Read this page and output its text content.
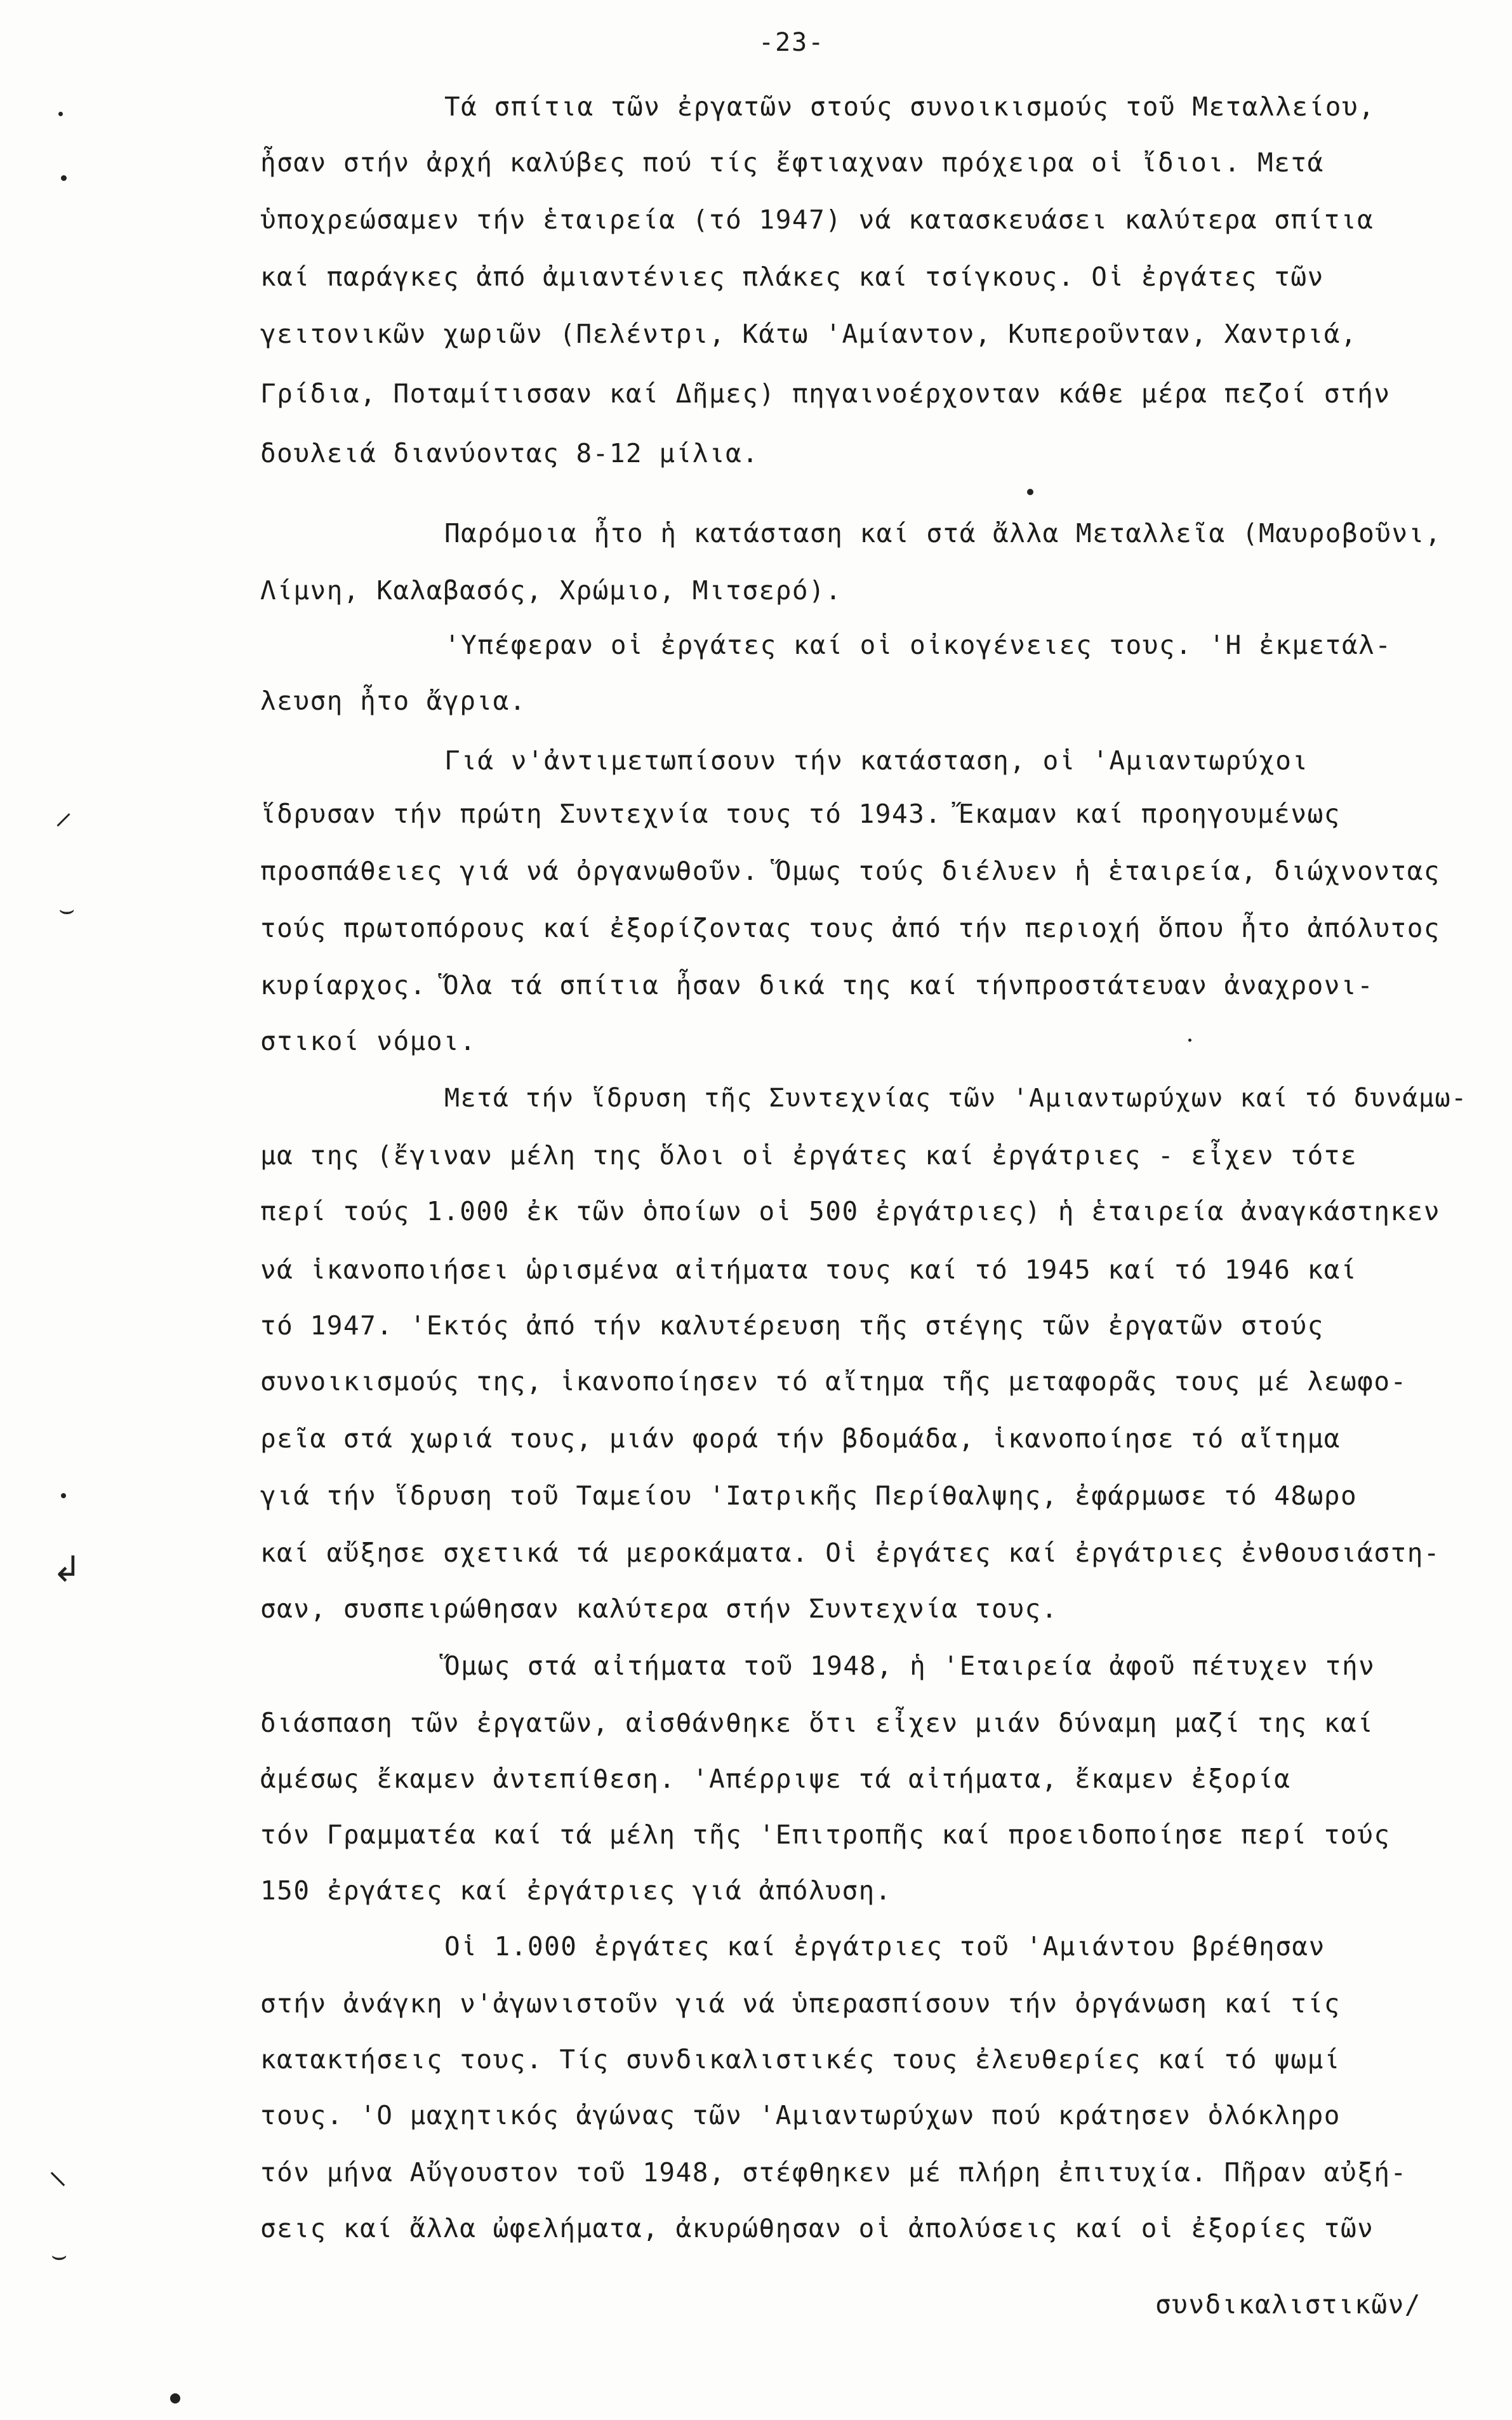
-23-
Τά σπίτια τῶν ἐργατῶν στούς συνοικισμούς τοῦ Μεταλλείου,
ἦσαν στήν ἀρχή καλύβες πού τίς ἔφτιαχναν πρόχειρα οἱ ἴδιοι. Μετά
ὑποχρεώσαμεν τήν ἑταιρεία (τό 1947) νά κατασκευάσει καλύτερα σπίτια
καί παράγκες ἀπό ἀμιαντένιες πλάκες καί τσίγκους. Οἱ ἐργάτες τῶν
γειτονικῶν χωριῶν (Πελέντρι, Κάτω 'Αμίαντον, Κυπεροῦνταν, Χαντριά,
Γρίδια, Ποταμίτισσαν καί Δῆμες) πηγαινοέρχονταν κάθε μέρα πεζοί στήν
δουλειά διανύοντας 8-12 μίλια.
Παρόμοια ἦτο ἡ κατάσταση καί στά ἄλλα Μεταλλεῖα (Μαυροβοῦνι,
Λίμνη, Καλαβασός, Χρώμιο, Μιτσερό).
'Υπέφεραν οἱ ἐργάτες καί οἱ οἰκογένειες τους. 'Η ἐκμετάλ-
λευση ἦτο ἄγρια.
Γιά ν'ἀντιμετωπίσουν τήν κατάσταση, οἱ 'Αμιαντωρύχοι
ἵδρυσαν τήν πρώτη Συντεχνία τους τό 1943. Ἔκαμαν καί προηγουμένως
προσπάθειες γιά νά ὀργανωθοῦν. Ὅμως τούς διέλυεν ἡ ἑταιρεία, διώχνοντας
τούς πρωτοπόρους καί ἐξορίζοντας τους ἀπό τήν περιοχή ὅπου ἦτο ἀπόλυτος
κυρίαρχος. Ὅλα τά σπίτια ἦσαν δικά της καί τήνπροστάτευαν ἀναχρονι-
στικοί νόμοι.
Μετά τήν ἵδρυση τῆς Συντεχνίας τῶν 'Αμιαντωρύχων καί τό δυνάμω-
μα της (ἔγιναν μέλη της ὅλοι οἱ ἐργάτες καί ἐργάτριες - εἶχεν τότε
περί τούς 1.000 ἐκ τῶν ὁποίων οἱ 500 ἐργάτριες) ἡ ἑταιρεία ἀναγκάστηκεν
νά ἱκανοποιήσει ὡρισμένα αἰτήματα τους καί τό 1945 καί τό 1946 καί
τό 1947. 'Εκτός ἀπό τήν καλυτέρευση τῆς στέγης τῶν ἐργατῶν στούς
συνοικισμούς της, ἱκανοποίησεν τό αἴτημα τῆς μεταφορᾶς τους μέ λεωφο-
ρεῖα στά χωριά τους, μιάν φορά τήν βδομάδα, ἱκανοποίησε τό αἴτημα
γιά τήν ἵδρυση τοῦ Ταμείου 'Ιατρικῆς Περίθαλψης, ἐφάρμωσε τό 48ωρο
καί αὔξησε σχετικά τά μεροκάματα. Οἱ ἐργάτες καί ἐργάτριες ἐνθουσιάστη-
σαν, συσπειρώθησαν καλύτερα στήν Συντεχνία τους.
Ὅμως στά αἰτήματα τοῦ 1948, ἡ 'Εταιρεία ἀφοῦ πέτυχεν τήν
διάσπαση τῶν ἐργατῶν, αἰσθάνθηκε ὅτι εἶχεν μιάν δύναμη μαζί της καί
ἀμέσως ἔκαμεν ἀντεπίθεση. 'Απέρριψε τά αἰτήματα, ἔκαμεν ἐξορία
τόν Γραμματέα καί τά μέλη τῆς 'Επιτροπῆς καί προειδοποίησε περί τούς
150 ἐργάτες καί ἐργάτριες γιά ἀπόλυση.
Οἱ 1.000 ἐργάτες καί ἐργάτριες τοῦ 'Αμιάντου βρέθησαν
στήν ἀνάγκη ν'ἀγωνιστοῦν γιά νά ὑπερασπίσουν τήν ὀργάνωση καί τίς
κατακτήσεις τους. Τίς συνδικαλιστικές τους ἐλευθερίες καί τό ψωμί
τους. 'Ο μαχητικός ἀγώνας τῶν 'Αμιαντωρύχων πού κράτησεν ὁλόκληρο
τόν μήνα Αὔγουστον τοῦ 1948, στέφθηκεν μέ πλήρη ἐπιτυχία. Πῆραν αὐξή-
σεις καί ἄλλα ὠφελήματα, ἀκυρώθησαν οἱ ἀπολύσεις καί οἱ ἐξορίες τῶν
συνδικαλιστικῶν/
⸍
⌣
↲
⸌
⌣
